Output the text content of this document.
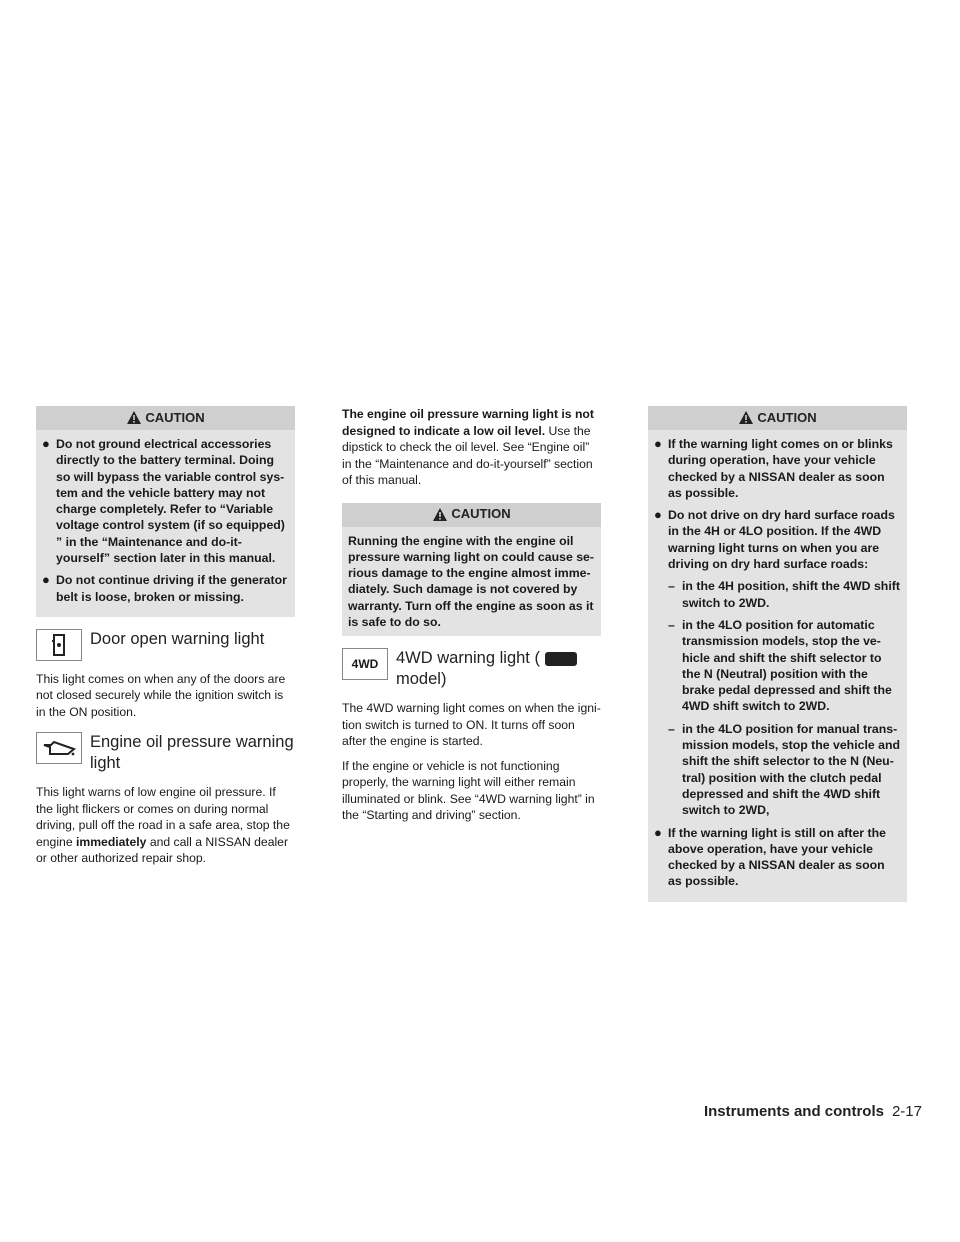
CAUTION
● Do not ground electrical accessories directly to the battery terminal. Doing so will bypass the variable control sys-tem and the vehicle battery may not charge completely. Refer to “Variable voltage control system (if so equipped) ” in the “Maintenance and do-it-yourself” section later in this manual.
● Do not continue driving if the generator belt is loose, broken or missing.
Door open warning light

This light comes on when any of the doors are not closed securely while the ignition switch is in the ON position.

Engine oil pressure warning light

This light warns of low engine oil pressure. If the light flickers or comes on during normal driving, pull off the road in a safe area, stop the engine immediately and call a NISSAN dealer or other authorized repair shop.

The engine oil pressure warning light is not designed to indicate a low oil level. Use the dipstick to check the oil level. See “Engine oil” in the “Maintenance and do-it-yourself” section of this manual.

CAUTION
Running the engine with the engine oil pressure warning light on could cause se-rious damage to the engine almost imme-diately. Such damage is not covered by warranty. Turn off the engine as soon as it is safe to do so.
4WD 4WD warning light (
model)

The 4WD warning light comes on when the igni-tion switch is turned to ON. It turns off soon after the engine is started.

If the engine or vehicle is not functioning properly, the warning light will either remain illuminated or blink. See “4WD warning light” in the “Starting and driving” section.

CAUTION
● If the warning light comes on or blinks during operation, have your vehicle checked by a NISSAN dealer as soon as possible.
● Do not drive on dry hard surface roads in the 4H or 4LO position. If the 4WD warning light turns on when you are driving on dry hard surface roads:
– in the 4H position, shift the 4WD shift switch to 2WD.
– in the 4LO position for automatic transmission models, stop the ve-hicle and shift the shift selector to the N (Neutral) position with the brake pedal depressed and shift the 4WD shift switch to 2WD.
– in the 4LO position for manual trans-mission models, stop the vehicle and shift the shift selector to the N (Neu-tral) position with the clutch pedal depressed and shift the 4WD shift switch to 2WD,
● If the warning light is still on after the above operation, have your vehicle checked by a NISSAN dealer as soon as possible.
Instruments and controls 2-17
